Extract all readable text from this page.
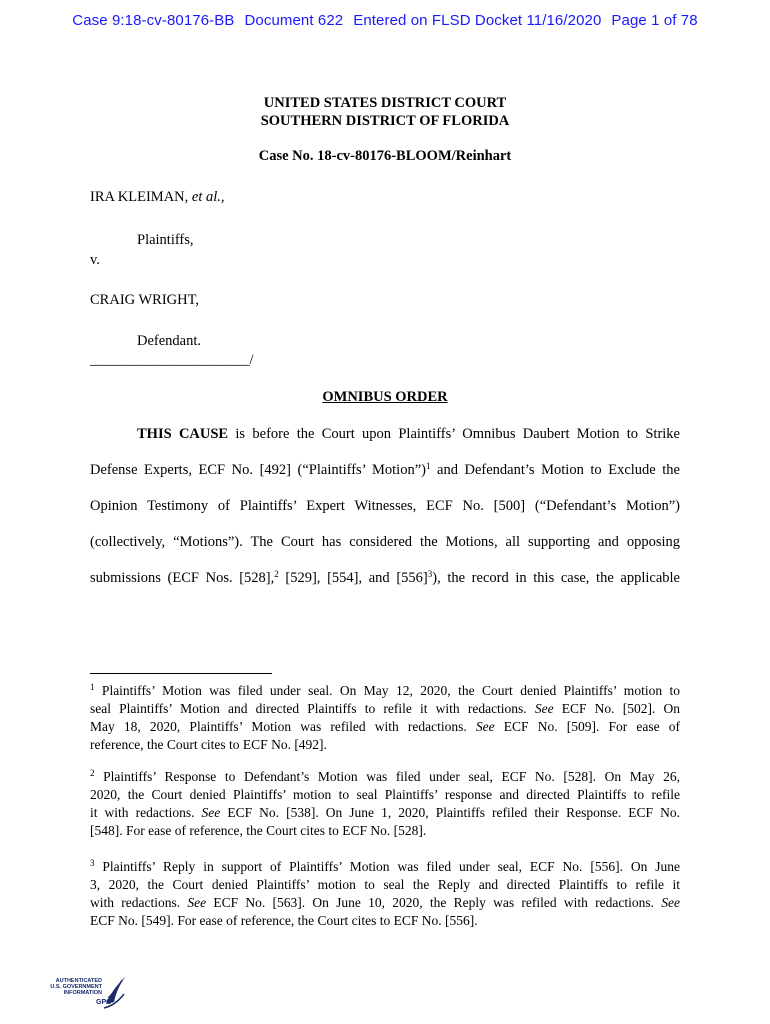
Case 9:18-cv-80176-BB Document 622 Entered on FLSD Docket 11/16/2020 Page 1 of 78
UNITED STATES DISTRICT COURT
SOUTHERN DISTRICT OF FLORIDA
Case No. 18-cv-80176-BLOOM/Reinhart
IRA KLEIMAN, et al.,
Plaintiffs,
v.
CRAIG WRIGHT,
Defendant.
______________________/
OMNIBUS ORDER
THIS CAUSE is before the Court upon Plaintiffs’ Omnibus Daubert Motion to Strike
Defense Experts, ECF No. [492] (“Plaintiffs’ Motion”)$^1$ and Defendant’s Motion to Exclude the
Opinion Testimony of Plaintiffs’ Expert Witnesses, ECF No. [500] (“Defendant’s Motion”)
(collectively, “Motions”). The Court has considered the Motions, all supporting and opposing
submissions (ECF Nos. [528],$^2$ [529], [554], and $[556]^3$), the record in this case, the applicable
$^1$ Plaintiffs’ Motion was filed under seal. On May 12, 2020, the Court denied Plaintiffs’ motion to
seal Plaintiffs’ Motion and directed Plaintiffs to refile it with redactions. See ECF No. [502]. On
May 18, 2020, Plaintiffs’ Motion was refiled with redactions. See ECF No. [509]. For ease of
reference, the Court cites to ECF No. [492].
$^2$ Plaintiffs’ Response to Defendant’s Motion was filed under seal, ECF No. [528]. On May 26,
2020, the Court denied Plaintiffs’ motion to seal Plaintiffs’ response and directed Plaintiffs to refile
it with redactions. See ECF No. [538]. On June 1, 2020, Plaintiffs refiled their Response. ECF No.
[548]. For ease of reference, the Court cites to ECF No. [528].
$^3$ Plaintiffs’ Reply in support of Plaintiffs’ Motion was filed under seal, ECF No. [556]. On June
3, 2020, the Court denied Plaintiffs’ motion to seal the Reply and directed Plaintiffs to refile it
with redactions. See ECF No. [563]. On June 10, 2020, the Reply was refiled with redactions. See
ECF No. [549]. For ease of reference, the Court cites to ECF No. [556].
AUTHENTICATED
U.S. GOVERNMENT
INFORMATION
GPO
